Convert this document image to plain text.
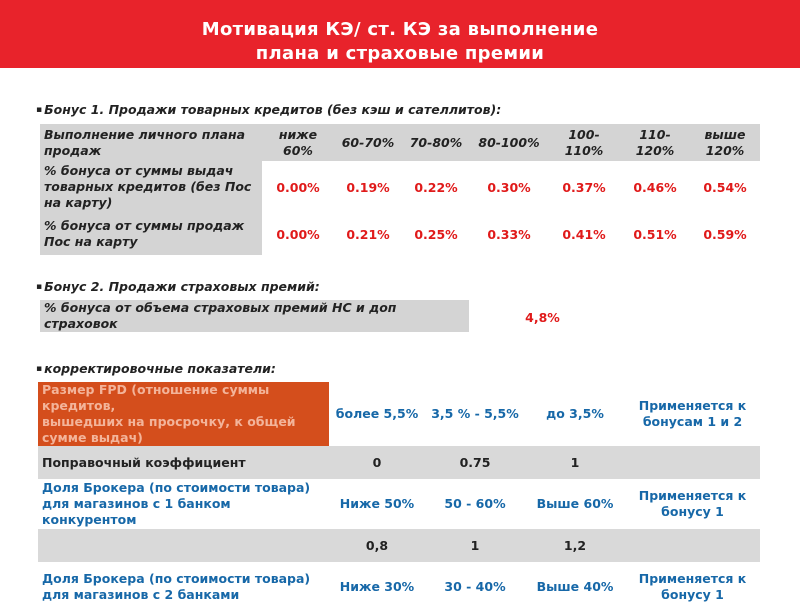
Мотивация КЭ/ ст. КЭ за выполнение
плана и страховые премии
▪ Бонус 1. Продажи товарных кредитов (без кэш и сателлитов):
Выполнение личного плана продаж	ниже 60%	60-70%	70-80%	80-100%	100-110%	110-120%	выше 120%
% бонуса от суммы выдач товарных кредитов (без Пос на карту)	0.00%	0.19%	0.22%	0.30%	0.37%	0.46%	0.54%
% бонуса от суммы продаж Пос на карту	0.00%	0.21%	0.25%	0.33%	0.41%	0.51%	0.59%
▪ Бонус 2. Продажи страховых премий:
% бонуса от объема страховых премий НС и доп страховок	4,8%
▪ корректировочные показатели:
Размер FPD (отношение суммы кредитов,
вышедших на просрочку, к общей сумме выдач)	более 5,5%	3,5 % - 5,5%	до 3,5%	Применяется к бонусам 1 и 2
Поправочный коэффициент	0	0.75	1	
Доля Брокера (по стоимости товара) для магазинов с 1 банком конкурентом	Ниже 50%	50 - 60%	Выше 60%	Применяется к бонусу 1
	0,8	1	1,2	
Доля Брокера (по стоимости товара) для магазинов с 2 банками	Ниже 30%	30 - 40%	Выше 40%	Применяется к бонусу 1
